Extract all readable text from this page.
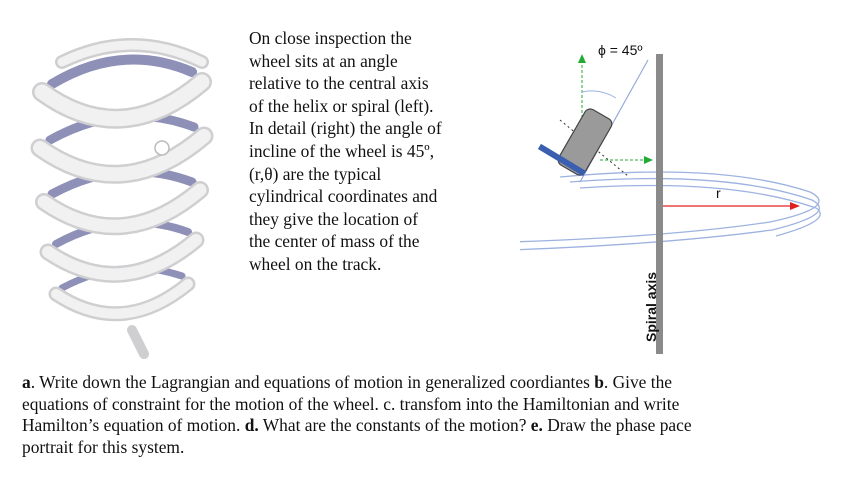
On close inspection the
wheel sits at an angle
relative to the central axis
of the helix or spiral (left).
In detail (right) the angle of
incline of the wheel is 45º,
(r,θ) are the typical
cylindrical coordinates and
they give the location of
the center of mass of the
wheel on the track.
Spiral axis
r
ϕ = 45º
a. Write down the Lagrangian and equations of motion in generalized coordiantes b. Give the
equations of constraint for the motion of the wheel. c. transfom into the Hamiltonian and write
Hamilton’s equation of motion. d. What are the constants of the motion? e. Draw the phase pace
portrait for this system.
